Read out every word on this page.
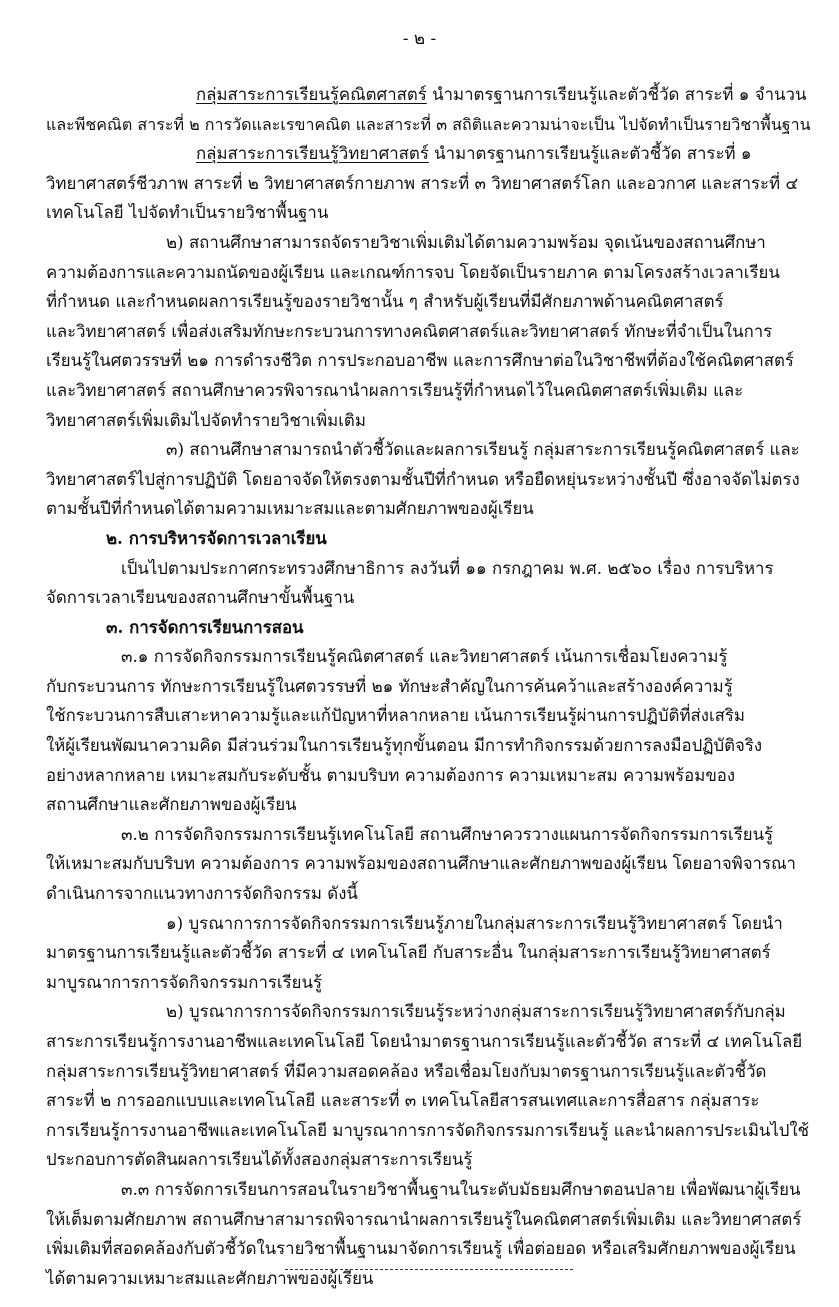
- ๒ -
กลุ่มสาระการเรียนรู้คณิตศาสตร์ นำมาตรฐานการเรียนรู้และตัวชี้วัด สาระที่ ๑ จำนวน
และพีชคณิต สาระที่ ๒ การวัดและเรขาคณิต และสาระที่ ๓ สถิติและความน่าจะเป็น ไปจัดทำเป็นรายวิชาพื้นฐาน
กลุ่มสาระการเรียนรู้วิทยาศาสตร์ นำมาตรฐานการเรียนรู้และตัวชี้วัด สาระที่ ๑
วิทยาศาสตร์ชีวภาพ สาระที่ ๒ วิทยาศาสตร์กายภาพ สาระที่ ๓ วิทยาศาสตร์โลก และอวกาศ และสาระที่ ๔
เทคโนโลยี ไปจัดทำเป็นรายวิชาพื้นฐาน
๒) สถานศึกษาสามารถจัดรายวิชาเพิ่มเติมได้ตามความพร้อม จุดเน้นของสถานศึกษา
ความต้องการและความถนัดของผู้เรียน และเกณฑ์การจบ โดยจัดเป็นรายภาค ตามโครงสร้างเวลาเรียน
ที่กำหนด และกำหนดผลการเรียนรู้ของรายวิชานั้น ๆ สำหรับผู้เรียนที่มีศักยภาพด้านคณิตศาสตร์
และวิทยาศาสตร์ เพื่อส่งเสริมทักษะกระบวนการทางคณิตศาสตร์และวิทยาศาสตร์ ทักษะที่จำเป็นในการ
เรียนรู้ในศตวรรษที่ ๒๑ การดำรงชีวิต การประกอบอาชีพ และการศึกษาต่อในวิชาชีพที่ต้องใช้คณิตศาสตร์
และวิทยาศาสตร์ สถานศึกษาควรพิจารณานำผลการเรียนรู้ที่กำหนดไว้ในคณิตศาสตร์เพิ่มเติม และ
วิทยาศาสตร์เพิ่มเติมไปจัดทำรายวิชาเพิ่มเติม
๓) สถานศึกษาสามารถนำตัวชี้วัดและผลการเรียนรู้ กลุ่มสาระการเรียนรู้คณิตศาสตร์ และ
วิทยาศาสตร์ไปสู่การปฏิบัติ โดยอาจจัดให้ตรงตามชั้นปีที่กำหนด หรือยืดหยุ่นระหว่างชั้นปี ซึ่งอาจจัดไม่ตรง
ตามชั้นปีที่กำหนดได้ตามความเหมาะสมและตามศักยภาพของผู้เรียน
๒. การบริหารจัดการเวลาเรียน
เป็นไปตามประกาศกระทรวงศึกษาธิการ ลงวันที่ ๑๑ กรกฎาคม พ.ศ. ๒๕๖๐ เรื่อง การบริหาร
จัดการเวลาเรียนของสถานศึกษาขั้นพื้นฐาน
๓. การจัดการเรียนการสอน
๓.๑ การจัดกิจกรรมการเรียนรู้คณิตศาสตร์ และวิทยาศาสตร์ เน้นการเชื่อมโยงความรู้
กับกระบวนการ ทักษะการเรียนรู้ในศตวรรษที่ ๒๑ ทักษะสำคัญในการค้นคว้าและสร้างองค์ความรู้
ใช้กระบวนการสืบเสาะหาความรู้และแก้ปัญหาที่หลากหลาย เน้นการเรียนรู้ผ่านการปฏิบัติที่ส่งเสริม
ให้ผู้เรียนพัฒนาความคิด มีส่วนร่วมในการเรียนรู้ทุกขั้นตอน มีการทำกิจกรรมด้วยการลงมือปฏิบัติจริง
อย่างหลากหลาย เหมาะสมกับระดับชั้น ตามบริบท ความต้องการ ความเหมาะสม ความพร้อมของ
สถานศึกษาและศักยภาพของผู้เรียน
๓.๒ การจัดกิจกรรมการเรียนรู้เทคโนโลยี สถานศึกษาควรวางแผนการจัดกิจกรรมการเรียนรู้
ให้เหมาะสมกับบริบท ความต้องการ ความพร้อมของสถานศึกษาและศักยภาพของผู้เรียน โดยอาจพิจารณา
ดำเนินการจากแนวทางการจัดกิจกรรม ดังนี้
๑) บูรณาการการจัดกิจกรรมการเรียนรู้ภายในกลุ่มสาระการเรียนรู้วิทยาศาสตร์ โดยนำ
มาตรฐานการเรียนรู้และตัวชี้วัด สาระที่ ๔ เทคโนโลยี กับสาระอื่น ในกลุ่มสาระการเรียนรู้วิทยาศาสตร์
มาบูรณาการการจัดกิจกรรมการเรียนรู้
๒) บูรณาการการจัดกิจกรรมการเรียนรู้ระหว่างกลุ่มสาระการเรียนรู้วิทยาศาสตร์กับกลุ่ม
สาระการเรียนรู้การงานอาชีพและเทคโนโลยี โดยนำมาตรฐานการเรียนรู้และตัวชี้วัด สาระที่ ๔ เทคโนโลยี
กลุ่มสาระการเรียนรู้วิทยาศาสตร์ ที่มีความสอดคล้อง หรือเชื่อมโยงกับมาตรฐานการเรียนรู้และตัวชี้วัด
สาระที่ ๒ การออกแบบและเทคโนโลยี และสาระที่ ๓ เทคโนโลยีสารสนเทศและการสื่อสาร กลุ่มสาระ
การเรียนรู้การงานอาชีพและเทคโนโลยี มาบูรณาการการจัดกิจกรรมการเรียนรู้ และนำผลการประเมินไปใช้
ประกอบการตัดสินผลการเรียนได้ทั้งสองกลุ่มสาระการเรียนรู้
๓.๓ การจัดการเรียนการสอนในรายวิชาพื้นฐานในระดับมัธยมศึกษาตอนปลาย เพื่อพัฒนาผู้เรียน
ให้เต็มตามศักยภาพ สถานศึกษาสามารถพิจารณานำผลการเรียนรู้ในคณิตศาสตร์เพิ่มเติม และวิทยาศาสตร์
เพิ่มเติมที่สอดคล้องกับตัวชี้วัดในรายวิชาพื้นฐานมาจัดการเรียนรู้ เพื่อต่อยอด หรือเสริมศักยภาพของผู้เรียน
ได้ตามความเหมาะสมและศักยภาพของผู้เรียน
